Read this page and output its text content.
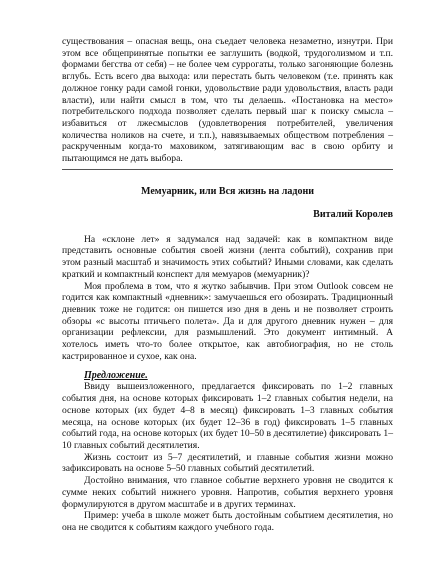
существования – опасная вещь, она съедает человека незаметно, изнутри. При этом все общепринятые попытки ее заглушить (водкой, трудоголизмом и т.п. формами бегства от себя) – не более чем суррогаты, только загоняющие болезнь вглубь. Есть всего два выхода: или перестать быть человеком (т.е. принять как должное гонку ради самой гонки, удовольствие ради удовольствия, власть ради власти), или найти смысл в том, что ты делаешь. «Постановка на место» потребительского подхода позволяет сделать первый шаг к поиску смысла – избавиться от лжесмыслов (удовлетворения потребителей, увеличения количества ноликов на счете, и т.п.), навязываемых обществом потребления – раскрученным когда-то маховиком, затягивающим вас в свою орбиту и пытающимся не дать выбора.

Мемуарник, или Вся жизнь на ладони
Виталий Королев

На «склоне лет» я задумался над задачей: как в компактном виде представить основные события своей жизни (лента событий), сохранив при этом разный масштаб и значимость этих событий? Иными словами, как сделать краткий и компактный конспект для мемуаров (мемуарник)?

Моя проблема в том, что я жутко забывчив. При этом Outlook совсем не годится как компактный «дневник»: замучаешься его обозирать. Традиционный дневник тоже не годится: он пишется изо дня в день и не позволяет строить обзоры «с высоты птичьего полета». Да и для другого дневник нужен – для организации рефлексии, для размышлений. Это документ интимный. А хотелось иметь что-то более открытое, как автобиография, но не столь кастрированное и сухое, как она.

Предложение.

Ввиду вышеизложенного, предлагается фиксировать по 1–2 главных события дня, на основе которых фиксировать 1–2 главных события недели, на основе которых (их будет 4–8 в месяц) фиксировать 1–3 главных события месяца, на основе которых (их будет 12–36 в год) фиксировать 1–5 главных событий года, на основе которых (их будет 10–50 в десятилетие) фиксировать 1–10 главных событий десятилетия.

Жизнь состоит из 5–7 десятилетий, и главные события жизни можно зафиксировать на основе 5–50 главных событий десятилетий.

Достойно внимания, что главное событие верхнего уровня не сводится к сумме неких событий нижнего уровня. Напротив, события верхнего уровня формулируются в другом масштабе и в других терминах.

Пример: учеба в школе может быть достойным событием десятилетия, но она не сводится к событиям каждого учебного года.
